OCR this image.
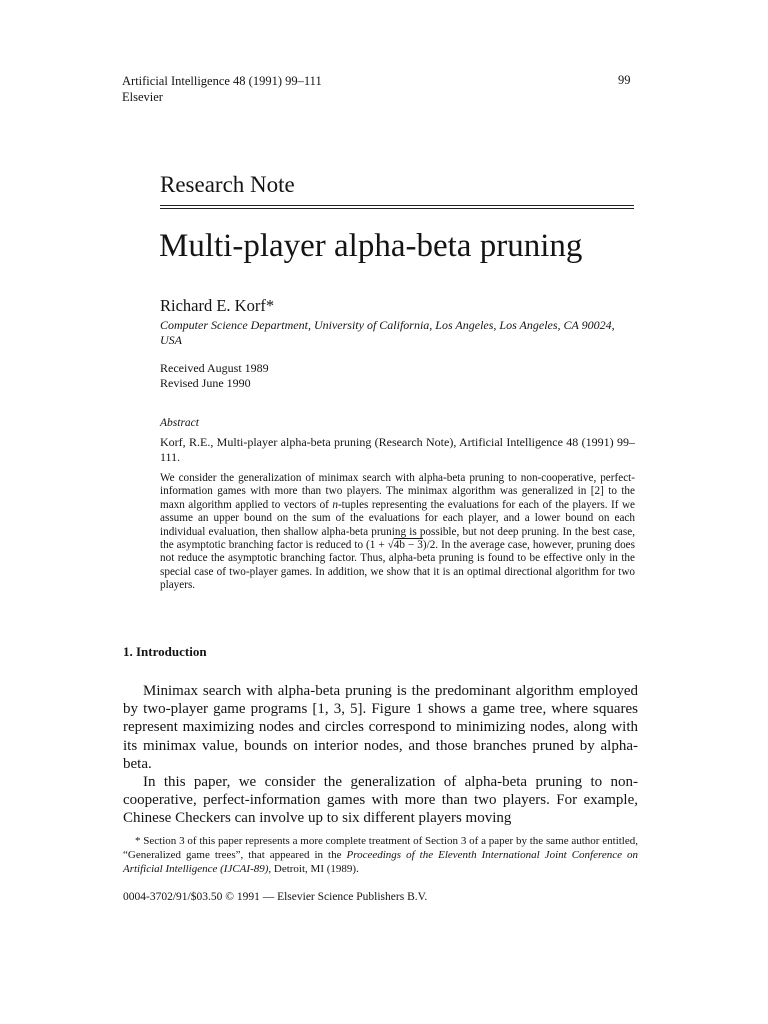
Artificial Intelligence 48 (1991) 99–111
Elsevier
99
Research Note
Multi-player alpha-beta pruning
Richard E. Korf*
Computer Science Department, University of California, Los Angeles, Los Angeles, CA 90024, USA
Received August 1989
Revised June 1990
Abstract
Korf, R.E., Multi-player alpha-beta pruning (Research Note), Artificial Intelligence 48 (1991) 99–111.
We consider the generalization of minimax search with alpha-beta pruning to non-cooperative, perfect-information games with more than two players. The minimax algorithm was generalized in [2] to the maxn algorithm applied to vectors of n-tuples representing the evaluations for each of the players. If we assume an upper bound on the sum of the evaluations for each player, and a lower bound on each individual evaluation, then shallow alpha-beta pruning is possible, but not deep pruning. In the best case, the asymptotic branching factor is reduced to (1 + √4b − 3)/2. In the average case, however, pruning does not reduce the asymptotic branching factor. Thus, alpha-beta pruning is found to be effective only in the special case of two-player games. In addition, we show that it is an optimal directional algorithm for two players.
1. Introduction

Minimax search with alpha-beta pruning is the predominant algorithm employed by two-player game programs [1, 3, 5]. Figure 1 shows a game tree, where squares represent maximizing nodes and circles correspond to minimizing nodes, along with its minimax value, bounds on interior nodes, and those branches pruned by alpha-beta.

In this paper, we consider the generalization of alpha-beta pruning to non-cooperative, perfect-information games with more than two players. For example, Chinese Checkers can involve up to six different players moving

* Section 3 of this paper represents a more complete treatment of Section 3 of a paper by the same author entitled, “Generalized game trees”, that appeared in the Proceedings of the Eleventh International Joint Conference on Artificial Intelligence (IJCAI-89), Detroit, MI (1989).
0004-3702/91/$03.50 © 1991 — Elsevier Science Publishers B.V.
